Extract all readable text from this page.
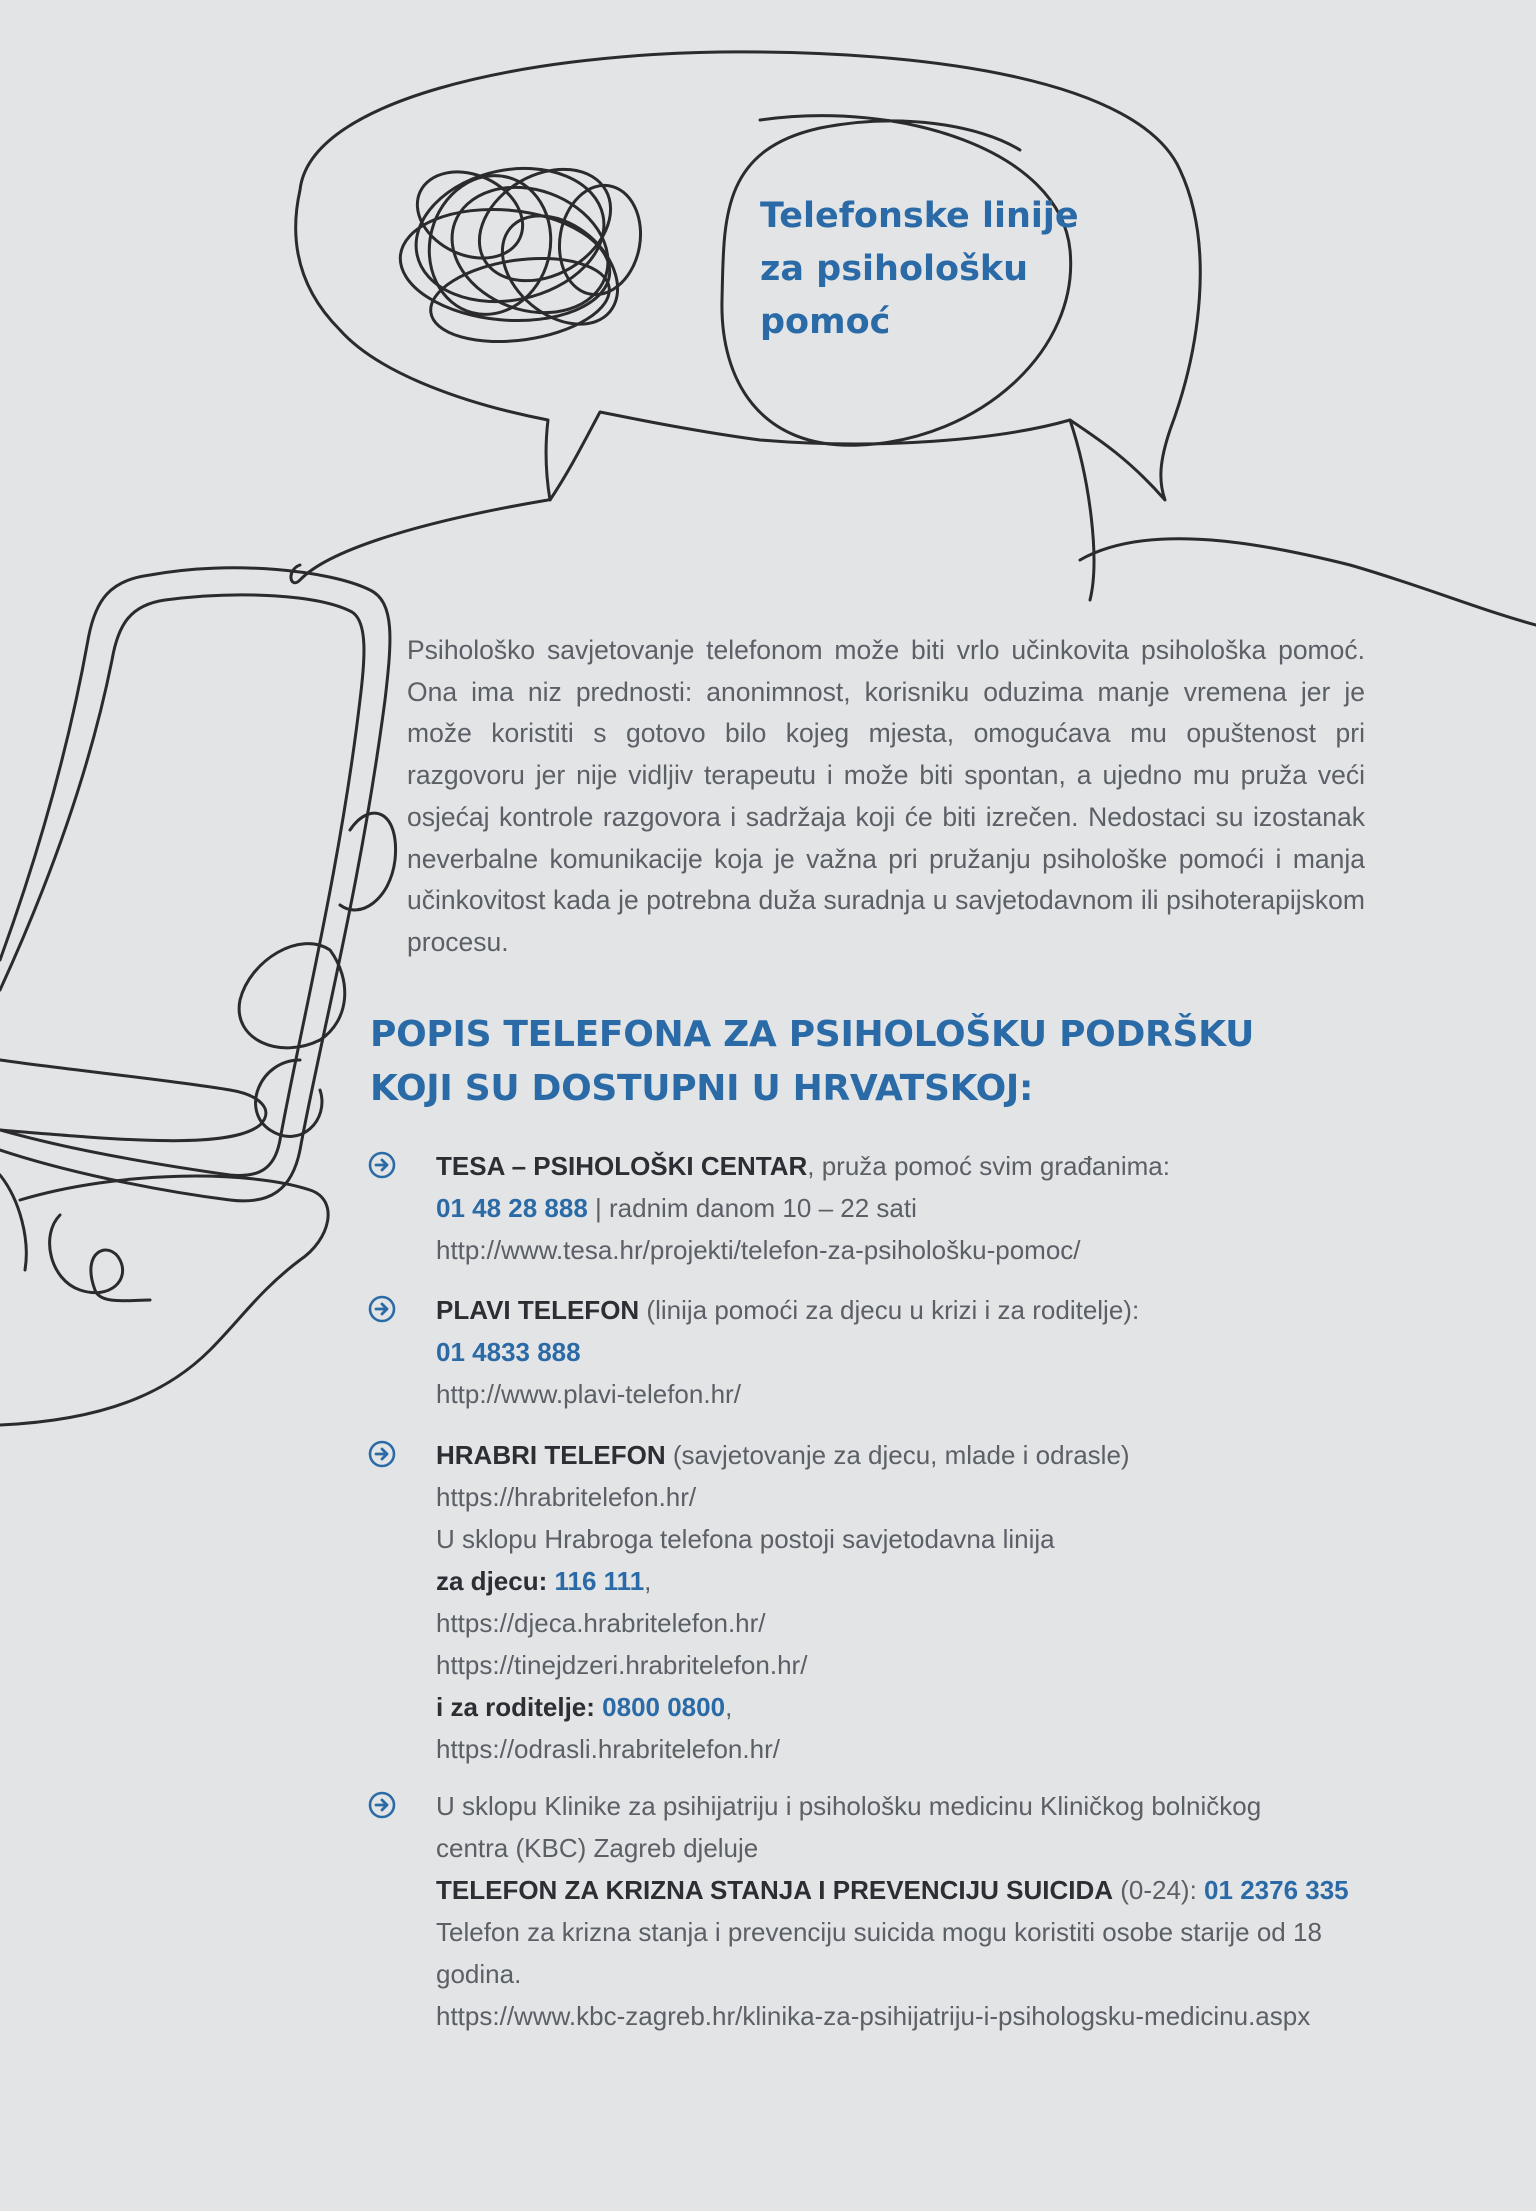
Telefonske linije
za psihološku
pomoć

Psihološko savjetovanje telefonom može biti vrlo učinkovita psihološka pomoć. Ona ima niz prednosti: anonimnost, korisniku oduzima manje vremena jer je može koristiti s gotovo bilo kojeg mjesta, omogućava mu opuštenost pri razgovoru jer nije vidljiv terapeutu i može biti spontan, a ujedno mu pruža veći osjećaj kontrole razgovora i sadržaja koji će biti izrečen. Nedostaci su izostanak neverbalne komunikacije koja je važna pri pružanju psihološke pomoći i manja učinkovitost kada je potrebna duža suradnja u savjetodavnom ili psihoterapijskom procesu.

POPIS TELEFONA ZA PSIHOLOŠKU PODRŠKU
KOJI SU DOSTUPNI U HRVATSKOJ:
TESA – PSIHOLOŠKI CENTAR, pruža pomoć svim građanima:
01 48 28 888 | radnim danom 10 – 22 sati
http://www.tesa.hr/projekti/telefon-za-psihološku-pomoc/
PLAVI TELEFON (linija pomoći za djecu u krizi i za roditelje):
01 4833 888
http://www.plavi-telefon.hr/
HRABRI TELEFON (savjetovanje za djecu, mlade i odrasle)
https://hrabritelefon.hr/
U sklopu Hrabroga telefona postoji savjetodavna linija
za djecu: 116 111,
https://djeca.hrabritelefon.hr/
https://tinejdzeri.hrabritelefon.hr/
i za roditelje: 0800 0800,
https://odrasli.hrabritelefon.hr/
U sklopu Klinike za psihijatriju i psihološku medicinu Kliničkog bolničkog
centra (KBC) Zagreb djeluje
TELEFON ZA KRIZNA STANJA I PREVENCIJU SUICIDA (0-24): 01 2376 335
Telefon za krizna stanja i prevenciju suicida mogu koristiti osobe starije od 18
godina.
https://www.kbc-zagreb.hr/klinika-za-psihijatriju-i-psihologsku-medicinu.aspx
